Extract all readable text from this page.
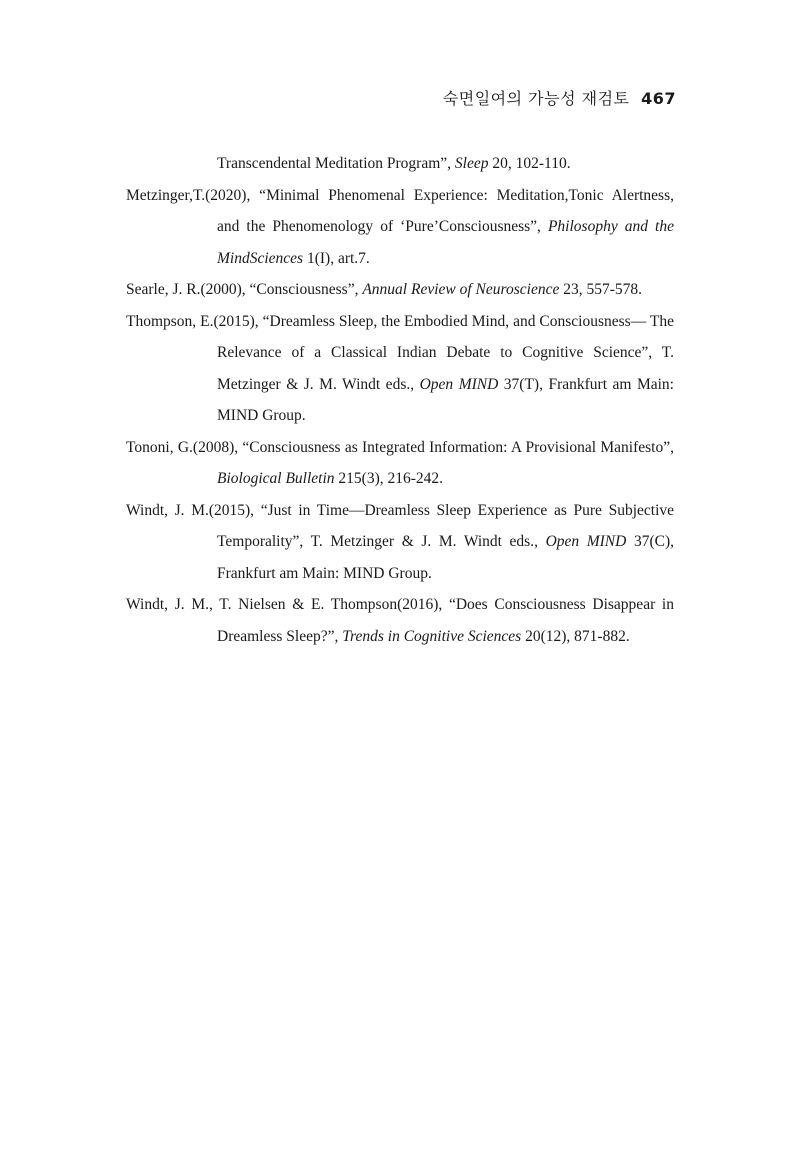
숙면일여의 가능성 재검토 467

Transcendental Meditation Program”, Sleep 20, 102-110.

Metzinger,T.(2020), “Minimal Phenomenal Experience: Meditation,Tonic Alertness, and the Phenomenology of ‘Pure’Consciousness”, Philosophy and the MindSciences 1(I), art.7.

Searle, J. R.(2000), “Consciousness”, Annual Review of Neuroscience 23, 557-578.

Thompson, E.(2015), “Dreamless Sleep, the Embodied Mind, and Consciousness— The Relevance of a Classical Indian Debate to Cognitive Science”, T. Metzinger & J. M. Windt eds., Open MIND 37(T), Frankfurt am Main: MIND Group.

Tononi, G.(2008), “Consciousness as Integrated Information: A Provisional Manifesto”, Biological Bulletin 215(3), 216-242.

Windt, J. M.(2015), “Just in Time—Dreamless Sleep Experience as Pure Subjective Temporality”, T. Metzinger & J. M. Windt eds., Open MIND 37(C), Frankfurt am Main: MIND Group.

Windt, J. M., T. Nielsen & E. Thompson(2016), “Does Consciousness Disappear in Dreamless Sleep?”, Trends in Cognitive Sciences 20(12), 871-882.
